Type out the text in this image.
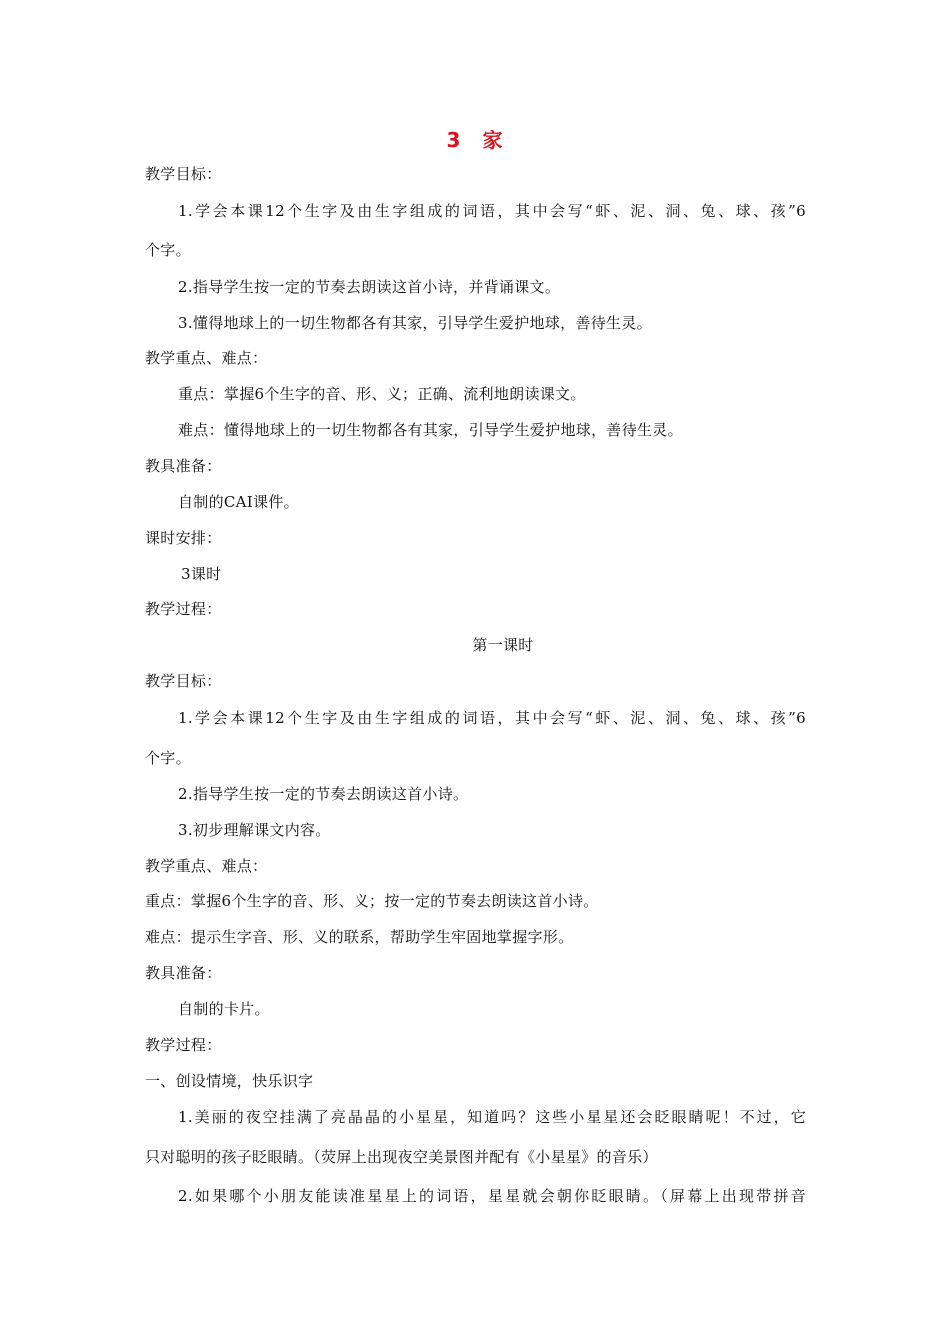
3　家
教学目标：
1.学会本课12个生字及由生字组成的词语，其中会写“虾、泥、洞、兔、球、孩”6
个字。
2.指导学生按一定的节奏去朗读这首小诗，并背诵课文。
3.懂得地球上的一切生物都各有其家，引导学生爱护地球，善待生灵。
教学重点、难点：
重点：掌握6个生字的音、形、义；正确、流利地朗读课文。
难点：懂得地球上的一切生物都各有其家，引导学生爱护地球，善待生灵。
教具准备：
自制的CAI课件。
课时安排：
3课时
教学过程：
第一课时
教学目标：
1.学会本课12个生字及由生字组成的词语，其中会写“虾、泥、洞、兔、球、孩”6
个字。
2.指导学生按一定的节奏去朗读这首小诗。
3.初步理解课文内容。
教学重点、难点：
重点：掌握6个生字的音、形、义；按一定的节奏去朗读这首小诗。
难点：提示生字音、形、义的联系，帮助学生牢固地掌握字形。
教具准备：
自制的卡片。
教学过程：
一、创设情境，快乐识字
1.美丽的夜空挂满了亮晶晶的小星星，知道吗？这些小星星还会眨眼睛呢！不过，它
只对聪明的孩子眨眼睛。（荧屏上出现夜空美景图并配有《小星星》的音乐）
2.如果哪个小朋友能读准星星上的词语，星星就会朝你眨眼睛。（屏幕上出现带拼音
